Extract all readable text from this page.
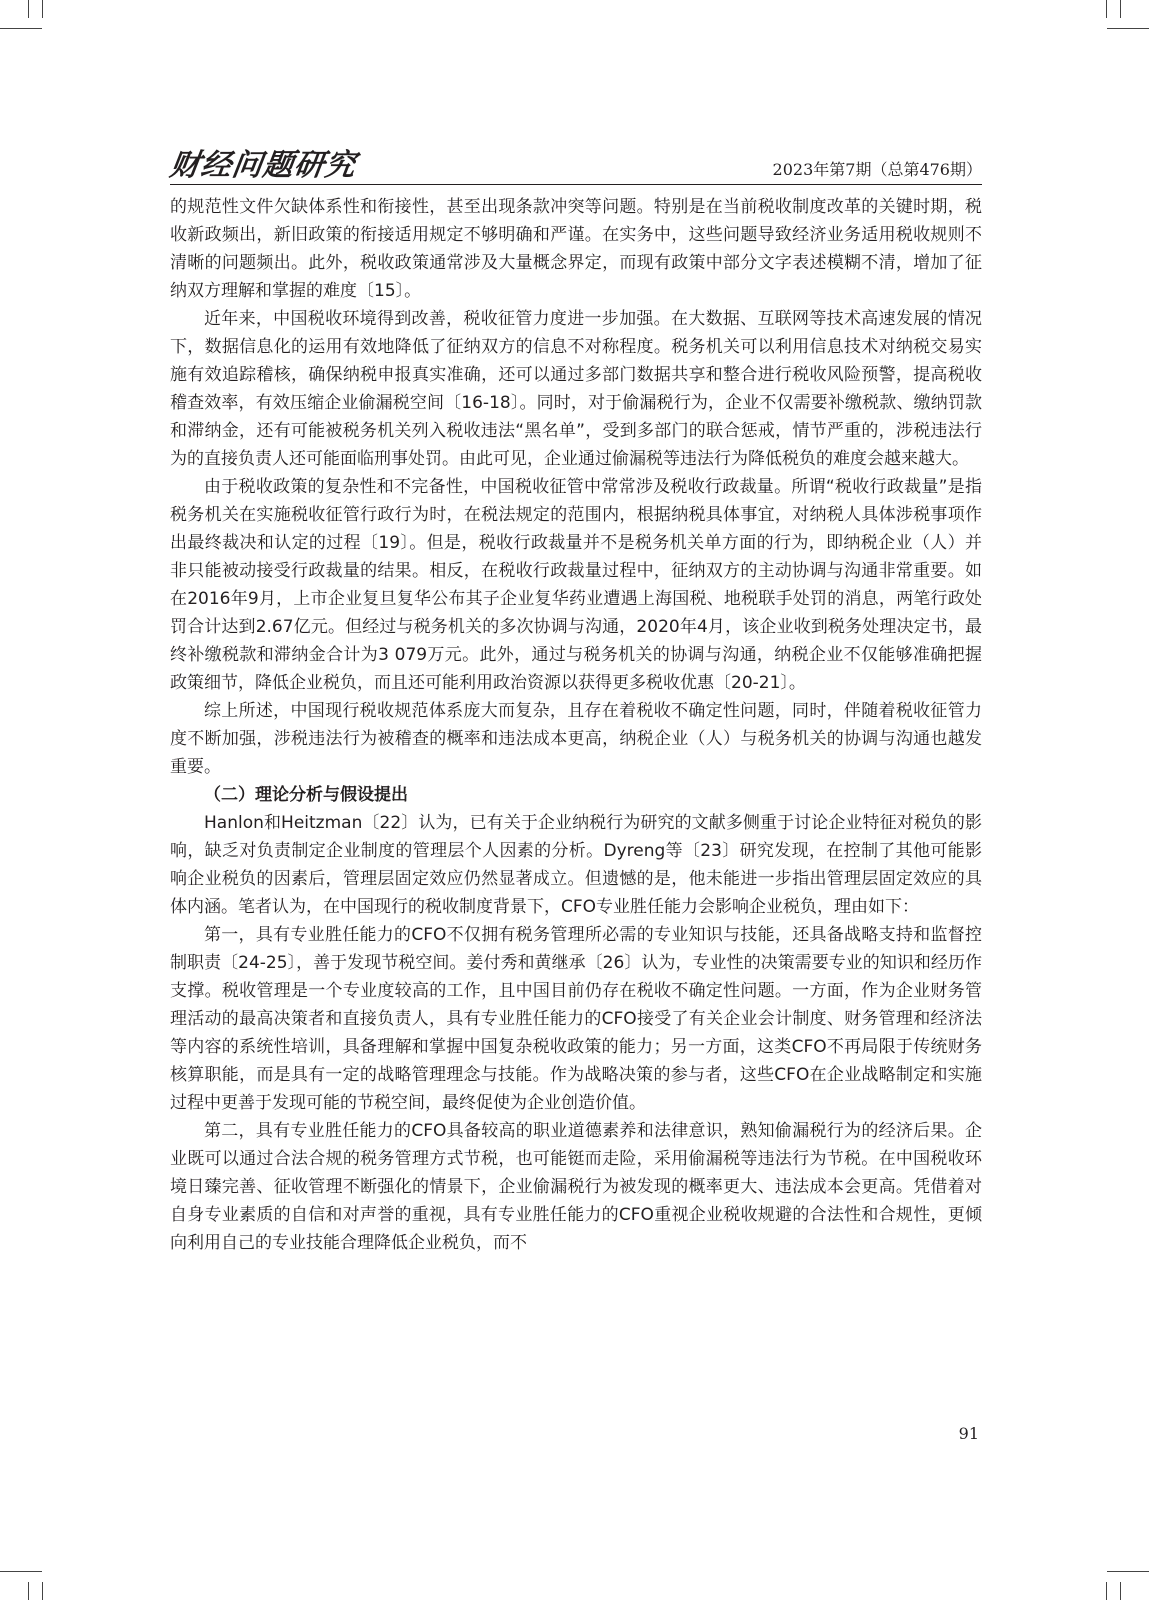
财经问题研究	2023年第7期（总第476期）

的规范性文件欠缺体系性和衔接性，甚至出现条款冲突等问题。特别是在当前税收制度改革的关键时期，税收新政频出，新旧政策的衔接适用规定不够明确和严谨。在实务中，这些问题导致经济业务适用税收规则不清晰的问题频出。此外，税收政策通常涉及大量概念界定，而现有政策中部分文字表述模糊不清，增加了征纳双方理解和掌握的难度〔15〕。

近年来，中国税收环境得到改善，税收征管力度进一步加强。在大数据、互联网等技术高速发展的情况下，数据信息化的运用有效地降低了征纳双方的信息不对称程度。税务机关可以利用信息技术对纳税交易实施有效追踪稽核，确保纳税申报真实准确，还可以通过多部门数据共享和整合进行税收风险预警，提高税收稽查效率，有效压缩企业偷漏税空间〔16-18〕。同时，对于偷漏税行为，企业不仅需要补缴税款、缴纳罚款和滞纳金，还有可能被税务机关列入税收违法“黑名单”，受到多部门的联合惩戒，情节严重的，涉税违法行为的直接负责人还可能面临刑事处罚。由此可见，企业通过偷漏税等违法行为降低税负的难度会越来越大。

由于税收政策的复杂性和不完备性，中国税收征管中常常涉及税收行政裁量。所谓“税收行政裁量”是指税务机关在实施税收征管行政行为时，在税法规定的范围内，根据纳税具体事宜，对纳税人具体涉税事项作出最终裁决和认定的过程〔19〕。但是，税收行政裁量并不是税务机关单方面的行为，即纳税企业（人）并非只能被动接受行政裁量的结果。相反，在税收行政裁量过程中，征纳双方的主动协调与沟通非常重要。如在2016年9月，上市企业复旦复华公布其子企业复华药业遭遇上海国税、地税联手处罚的消息，两笔行政处罚合计达到2.67亿元。但经过与税务机关的多次协调与沟通，2020年4月，该企业收到税务处理决定书，最终补缴税款和滞纳金合计为3 079万元。此外，通过与税务机关的协调与沟通，纳税企业不仅能够准确把握政策细节，降低企业税负，而且还可能利用政治资源以获得更多税收优惠〔20-21〕。

综上所述，中国现行税收规范体系庞大而复杂，且存在着税收不确定性问题，同时，伴随着税收征管力度不断加强，涉税违法行为被稽查的概率和违法成本更高，纳税企业（人）与税务机关的协调与沟通也越发重要。

（二）理论分析与假设提出

Hanlon和Heitzman〔22〕认为，已有关于企业纳税行为研究的文献多侧重于讨论企业特征对税负的影响，缺乏对负责制定企业制度的管理层个人因素的分析。Dyreng等〔23〕研究发现，在控制了其他可能影响企业税负的因素后，管理层固定效应仍然显著成立。但遗憾的是，他未能进一步指出管理层固定效应的具体内涵。笔者认为，在中国现行的税收制度背景下，CFO专业胜任能力会影响企业税负，理由如下：

第一，具有专业胜任能力的CFO不仅拥有税务管理所必需的专业知识与技能，还具备战略支持和监督控制职责〔24-25〕，善于发现节税空间。姜付秀和黄继承〔26〕认为，专业性的决策需要专业的知识和经历作支撑。税收管理是一个专业度较高的工作，且中国目前仍存在税收不确定性问题。一方面，作为企业财务管理活动的最高决策者和直接负责人，具有专业胜任能力的CFO接受了有关企业会计制度、财务管理和经济法等内容的系统性培训，具备理解和掌握中国复杂税收政策的能力；另一方面，这类CFO不再局限于传统财务核算职能，而是具有一定的战略管理理念与技能。作为战略决策的参与者，这些CFO在企业战略制定和实施过程中更善于发现可能的节税空间，最终促使为企业创造价值。

第二，具有专业胜任能力的CFO具备较高的职业道德素养和法律意识，熟知偷漏税行为的经济后果。企业既可以通过合法合规的税务管理方式节税，也可能铤而走险，采用偷漏税等违法行为节税。在中国税收环境日臻完善、征收管理不断强化的情景下，企业偷漏税行为被发现的概率更大、违法成本会更高。凭借着对自身专业素质的自信和对声誉的重视，具有专业胜任能力的CFO重视企业税收规避的合法性和合规性，更倾向利用自己的专业技能合理降低企业税负，而不

91
